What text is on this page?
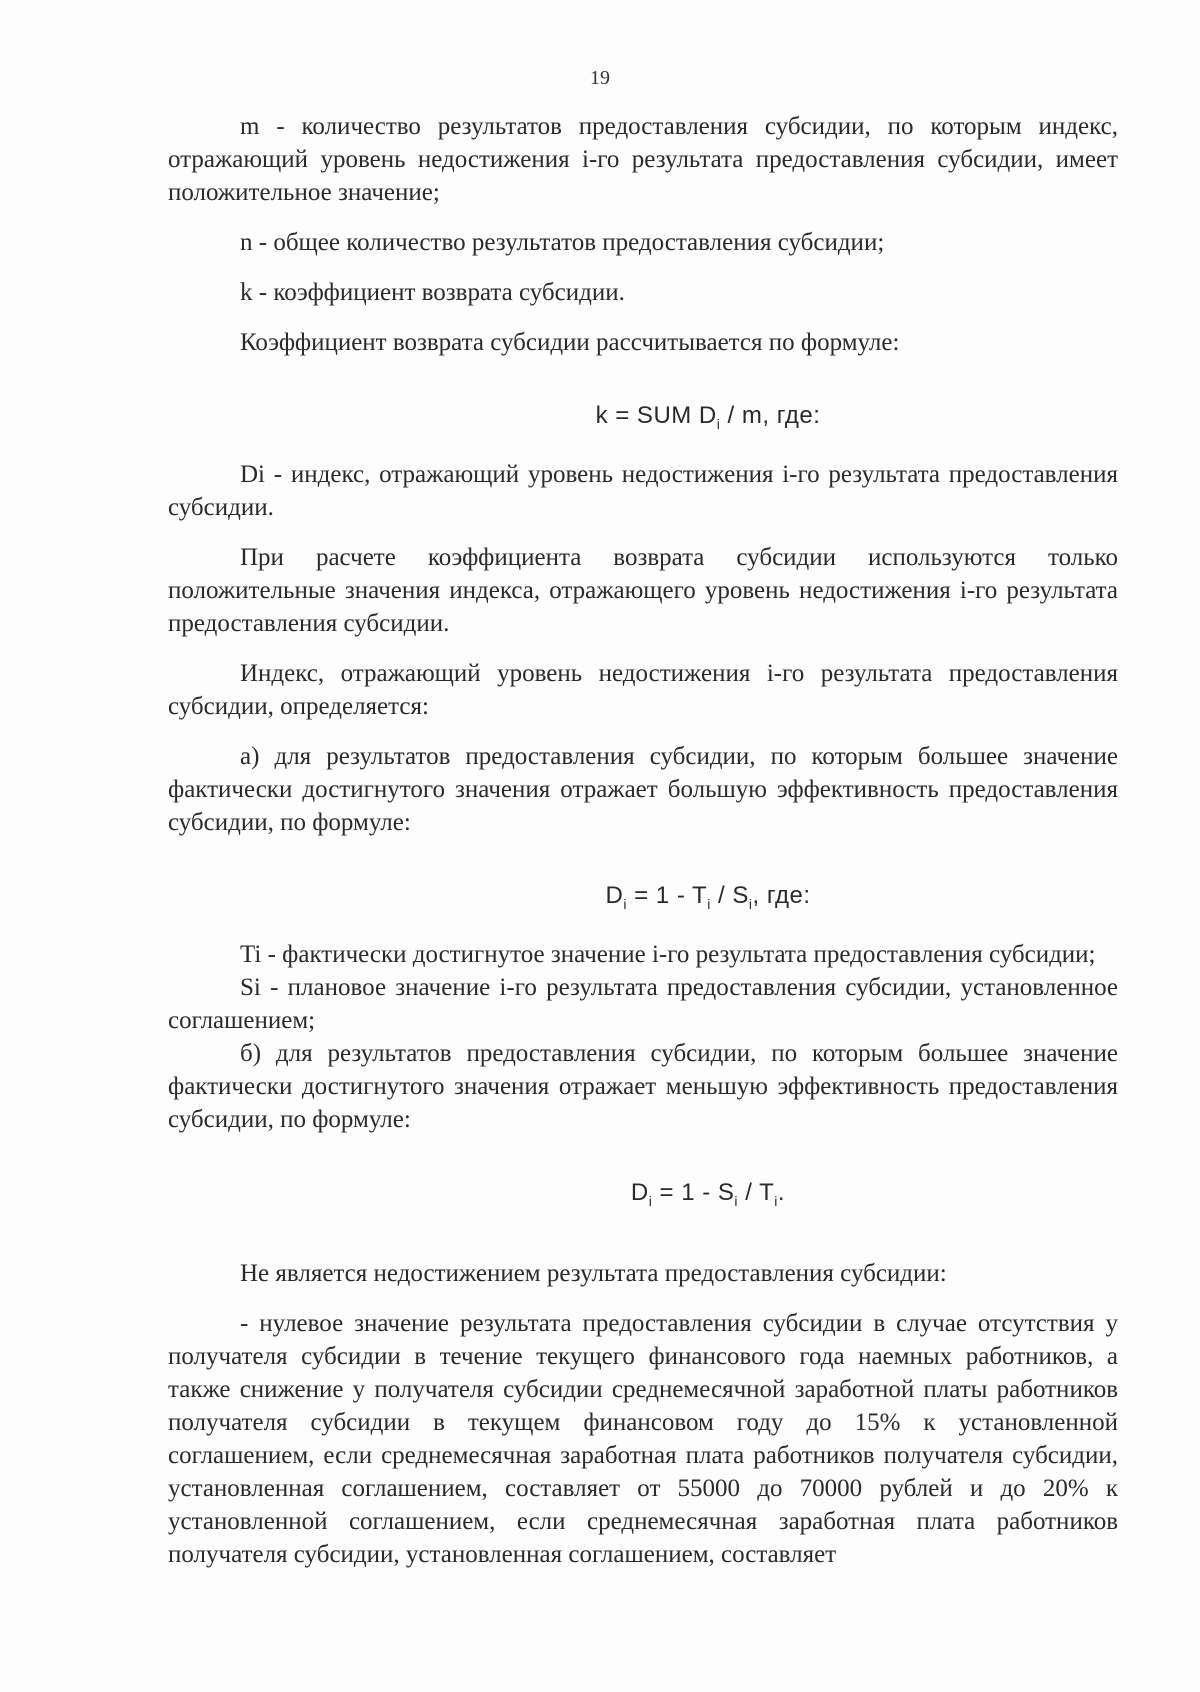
19

m - количество результатов предоставления субсидии, по которым индекс, отражающий уровень недостижения i-го результата предоставления субсидии, имеет положительное значение;

n - общее количество результатов предоставления субсидии;

k - коэффициент возврата субсидии.

Коэффициент возврата субсидии рассчитывается по формуле:

k = SUM $D_i$ / m, где:

Di - индекс, отражающий уровень недостижения i-го результата предоставления субсидии.

При расчете коэффициента возврата субсидии используются только положительные значения индекса, отражающего уровень недостижения i-го результата предоставления субсидии.

Индекс, отражающий уровень недостижения i-го результата предоставления субсидии, определяется:

а) для результатов предоставления субсидии, по которым большее значение фактически достигнутого значения отражает большую эффективность предоставления субсидии, по формуле:

$D_i = 1 - T_i / S_i$, где:

Ti - фактически достигнутое значение i-го результата предоставления субсидии;

Si - плановое значение i-го результата предоставления субсидии, установленное соглашением;

б) для результатов предоставления субсидии, по которым большее значение фактически достигнутого значения отражает меньшую эффективность предоставления субсидии, по формуле:

$D_i = 1 - S_i / T_i$.

Не является недостижением результата предоставления субсидии:

- нулевое значение результата предоставления субсидии в случае отсутствия у получателя субсидии в течение текущего финансового года наемных работников, а также снижение у получателя субсидии среднемесячной заработной платы работников получателя субсидии в текущем финансовом году до 15% к установленной соглашением, если среднемесячная заработная плата работников получателя субсидии, установленная соглашением, составляет от 55000 до 70000 рублей и до 20% к установленной соглашением, если среднемесячная заработная плата работников получателя субсидии, установленная соглашением, составляет
